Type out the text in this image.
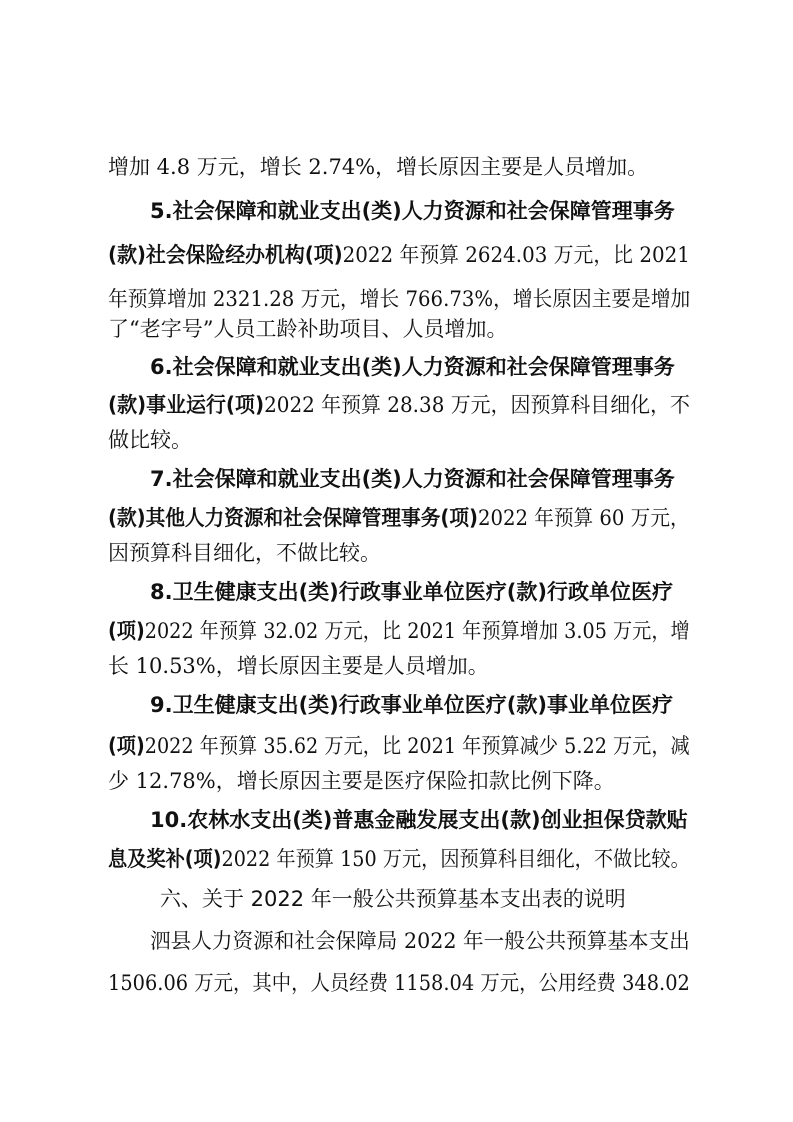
增加 4.8 万元，增长 2.74%，增长原因主要是人员增加。
5.社会保障和就业支出(类)人力资源和社会保障管理事务
(款)社会保险经办机构(项)2022 年预算 2624.03 万元，比 2021
年预算增加 2321.28 万元，增长 766.73%，增长原因主要是增加
了“老字号”人员工龄补助项目、人员增加。
6.社会保障和就业支出(类)人力资源和社会保障管理事务
(款)事业运行(项)2022 年预算 28.38 万元，因预算科目细化，不
做比较。
7.社会保障和就业支出(类)人力资源和社会保障管理事务
(款)其他人力资源和社会保障管理事务(项)2022 年预算 60 万元，
因预算科目细化，不做比较。
8.卫生健康支出(类)行政事业单位医疗(款)行政单位医疗
(项)2022 年预算 32.02 万元，比 2021 年预算增加 3.05 万元，增
长 10.53%，增长原因主要是人员增加。
9.卫生健康支出(类)行政事业单位医疗(款)事业单位医疗
(项)2022 年预算 35.62 万元，比 2021 年预算减少 5.22 万元，减
少 12.78%，增长原因主要是医疗保险扣款比例下降。
10.农林水支出(类)普惠金融发展支出(款)创业担保贷款贴
息及奖补(项)2022 年预算 150 万元，因预算科目细化，不做比较。
六、关于 2022 年一般公共预算基本支出表的说明
泗县人力资源和社会保障局 2022 年一般公共预算基本支出
1506.06 万元，其中，人员经费 1158.04 万元，公用经费 348.02
